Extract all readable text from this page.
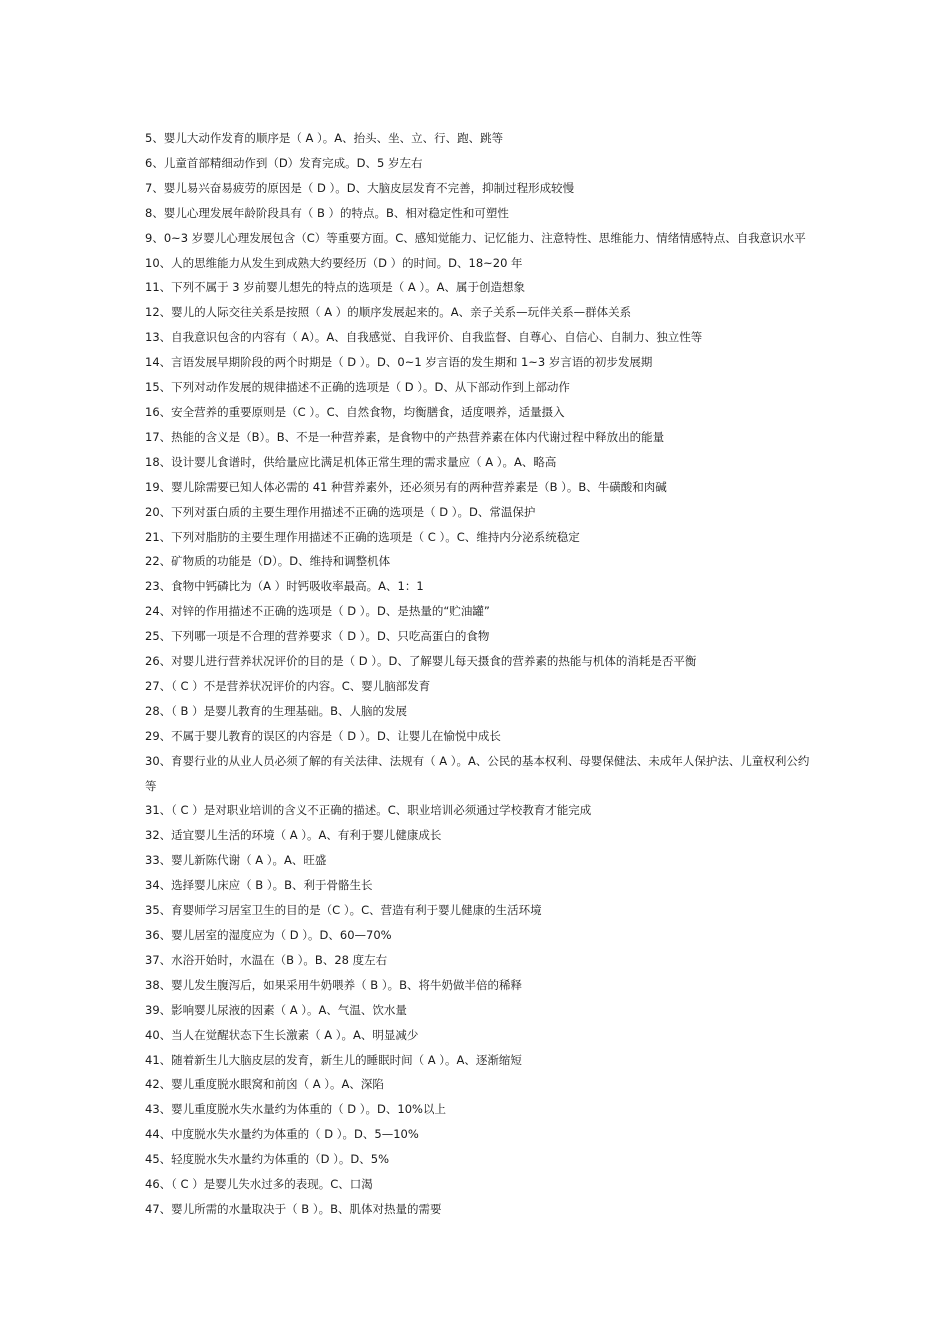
5、婴儿大动作发育的顺序是（ A ）。A、抬头、坐、立、行、跑、跳等
6、儿童首部精细动作到（D）发育完成。D、5 岁左右
7、婴儿易兴奋易疲劳的原因是（ D ）。D、大脑皮层发育不完善，抑制过程形成较慢
8、婴儿心理发展年龄阶段具有（ B ）的特点。B、相对稳定性和可塑性
9、0~3 岁婴儿心理发展包含（C）等重要方面。C、感知觉能力、记忆能力、注意特性、思维能力、情绪情感特点、自我意识水平
10、人的思维能力从发生到成熟大约要经历（D ）的时间。D、18~20 年
11、下列不属于 3 岁前婴儿想先的特点的选项是（ A ）。A、属于创造想象
12、婴儿的人际交往关系是按照（ A ）的顺序发展起来的。A、亲子关系—玩伴关系—群体关系
13、自我意识包含的内容有（ A）。A、自我感觉、自我评价、自我监督、自尊心、自信心、自制力、独立性等
14、言语发展早期阶段的两个时期是（ D ）。D、0~1 岁言语的发生期和 1~3 岁言语的初步发展期
15、下列对动作发展的规律描述不正确的选项是（ D ）。D、从下部动作到上部动作
16、安全营养的重要原则是（C ）。C、自然食物，均衡膳食，适度喂养，适量摄入
17、热能的含义是（B）。B、不是一种营养素，是食物中的产热营养素在体内代谢过程中释放出的能量
18、设计婴儿食谱时，供给量应比满足机体正常生理的需求量应（ A ）。A、略高
19、婴儿除需要已知人体必需的 41 种营养素外，还必须另有的两种营养素是（B ）。B、牛磺酸和肉碱
20、下列对蛋白质的主要生理作用描述不正确的选项是（ D ）。D、常温保护
21、下列对脂肪的主要生理作用描述不正确的选项是（ C ）。C、维持内分泌系统稳定
22、矿物质的功能是（D）。D、维持和调整机体
23、食物中钙磷比为（A ）时钙吸收率最高。A、1：1
24、对锌的作用描述不正确的选项是（ D ）。D、是热量的“贮油罐”
25、下列哪一项是不合理的营养要求（ D ）。D、只吃高蛋白的食物
26、对婴儿进行营养状况评价的目的是（ D ）。D、了解婴儿每天摄食的营养素的热能与机体的消耗是否平衡
27、（ C ）不是营养状况评价的内容。C、婴儿脑部发育
28、（ B ）是婴儿教育的生理基础。B、人脑的发展
29、不属于婴儿教育的误区的内容是（ D ）。D、让婴儿在愉悦中成长
30、育婴行业的从业人员必须了解的有关法律、法规有（ A ）。A、公民的基本权利、母婴保健法、未成年人保护法、儿童权利公约等
31、（ C ）是对职业培训的含义不正确的描述。C、职业培训必须通过学校教育才能完成
32、适宜婴儿生活的环境（ A ）。A、有利于婴儿健康成长
33、婴儿新陈代谢（ A ）。A、旺盛
34、选择婴儿床应（ B ）。B、利于骨骼生长
35、育婴师学习居室卫生的目的是（C ）。C、营造有利于婴儿健康的生活环境
36、婴儿居室的湿度应为（ D ）。D、60—70%
37、水浴开始时，水温在（B ）。B、28 度左右
38、婴儿发生腹泻后，如果采用牛奶喂养（ B ）。B、将牛奶做半倍的稀释
39、影响婴儿尿液的因素（ A ）。A、气温、饮水量
40、当人在觉醒状态下生长激素（ A ）。A、明显减少
41、随着新生儿大脑皮层的发育，新生儿的睡眠时间（ A ）。A、逐渐缩短
42、婴儿重度脱水眼窝和前囟（ A ）。A、深陷
43、婴儿重度脱水失水量约为体重的（ D ）。D、10%以上
44、中度脱水失水量约为体重的（ D ）。D、5—10%
45、轻度脱水失水量约为体重的（D ）。D、5%
46、（ C ）是婴儿失水过多的表现。C、口渴
47、婴儿所需的水量取决于（ B ）。B、肌体对热量的需要
